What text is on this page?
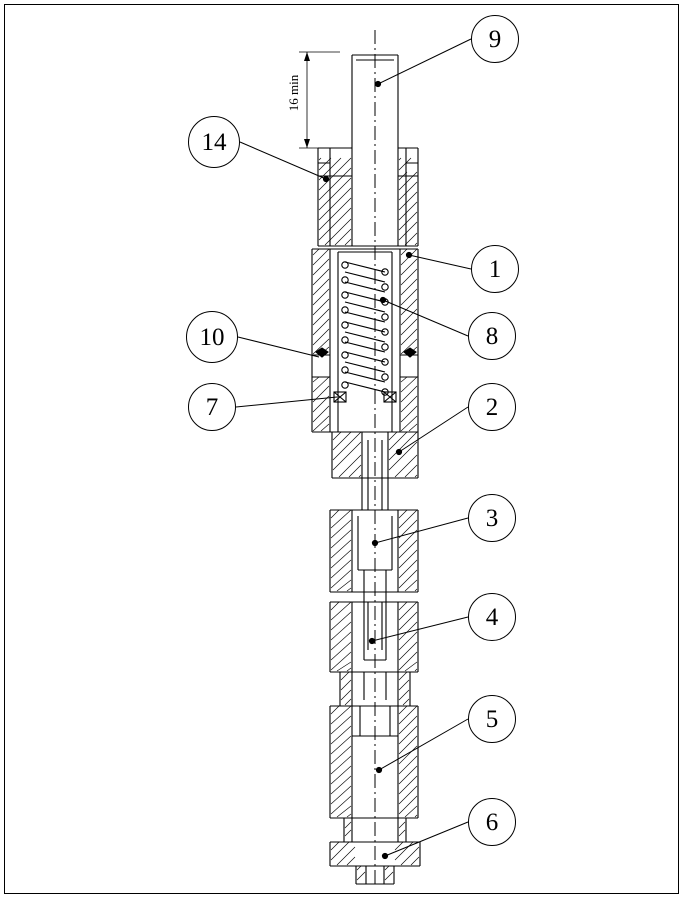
16 min
9
14
1
8
10
7	2
3
4
5
6
